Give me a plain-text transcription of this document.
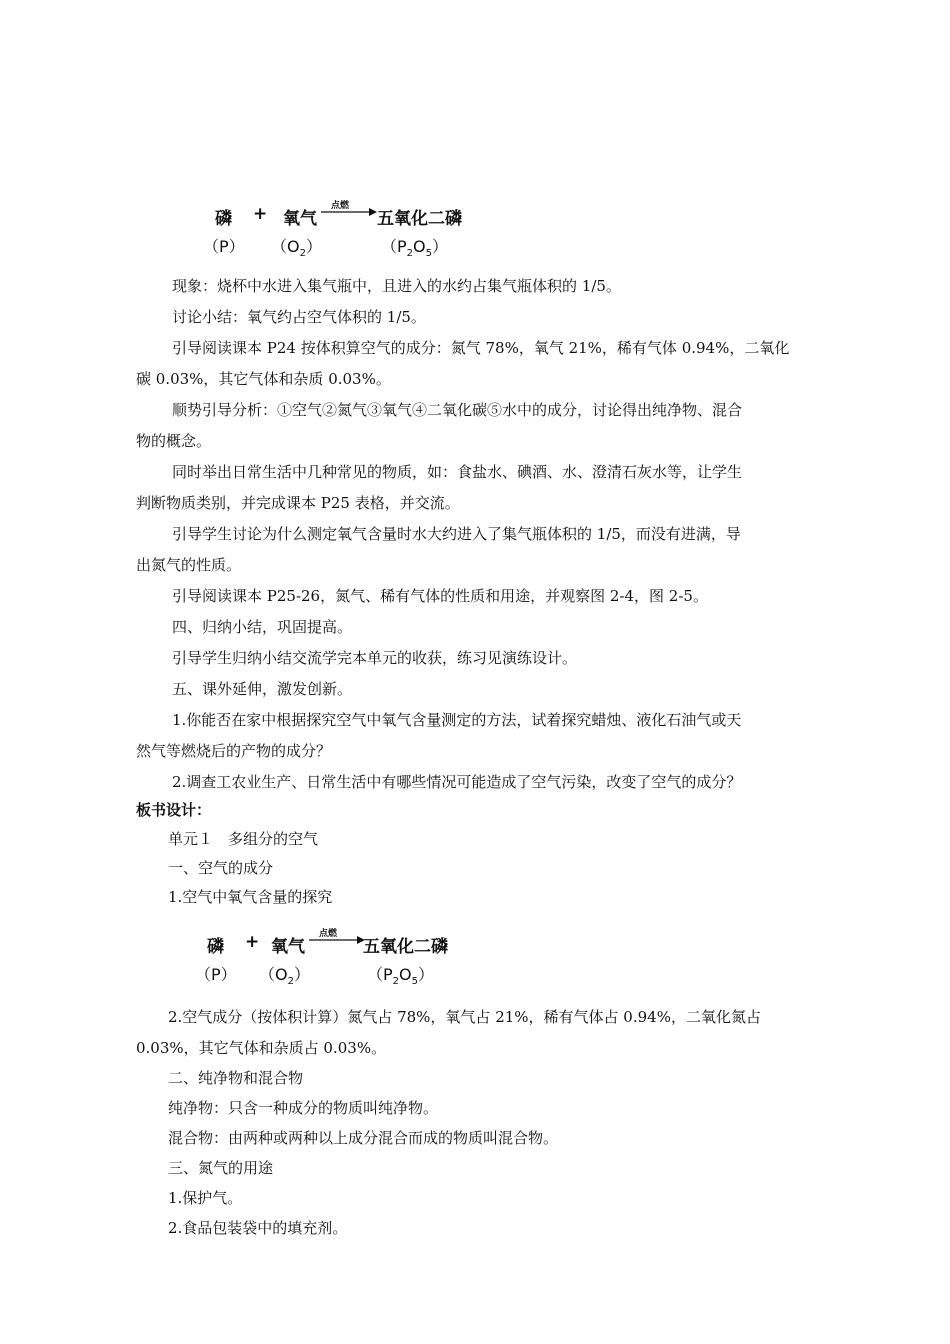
磷 + 氧气
点燃
五氧化二磷
（P） $(O_2)$	$(P_2O_5)$
现象：烧杯中水进入集气瓶中，且进入的水约占集气瓶体积的 1/5。
讨论小结：氧气约占空气体积的 1/5。
引导阅读课本 P24 按体积算空气的成分：氮气 78%，氧气 21%，稀有气体 0.94%，二氧化
碳 0.03%，其它气体和杂质 0.03%。
顺势引导分析：①空气②氮气③氧气④二氧化碳⑤水中的成分，讨论得出纯净物、混合
物的概念。
同时举出日常生活中几种常见的物质，如：食盐水、碘酒、水、澄清石灰水等，让学生
判断物质类别，并完成课本 P25 表格，并交流。
引导学生讨论为什么测定氧气含量时水大约进入了集气瓶体积的 1/5，而没有进满，导
出氮气的性质。
引导阅读课本 P25-26，氮气、稀有气体的性质和用途，并观察图 2-4，图 2-5。
四、归纳小结，巩固提高。
引导学生归纳小结交流学完本单元的收获，练习见演练设计。
五、课外延伸，激发创新。
1.你能否在家中根据探究空气中氧气含量测定的方法，试着探究蜡烛、液化石油气或天
然气等燃烧后的产物的成分？
2.调查工农业生产、日常生活中有哪些情况可能造成了空气污染，改变了空气的成分？
板书设计：
单元１　多组分的空气
一、空气的成分
1.空气中氧气含量的探究
磷 + 氧气
点燃
五氧化二磷
（P） $(O_2)$	$(P_2O_5)$
2.空气成分（按体积计算）氮气占 78%，氧气占 21%，稀有气体占 0.94%，二氧化氮占
0.03%，其它气体和杂质占 0.03%。
二、纯净物和混合物
纯净物：只含一种成分的物质叫纯净物。
混合物：由两种或两种以上成分混合而成的物质叫混合物。
三、氮气的用途
1.保护气。
2.食品包装袋中的填充剂。
